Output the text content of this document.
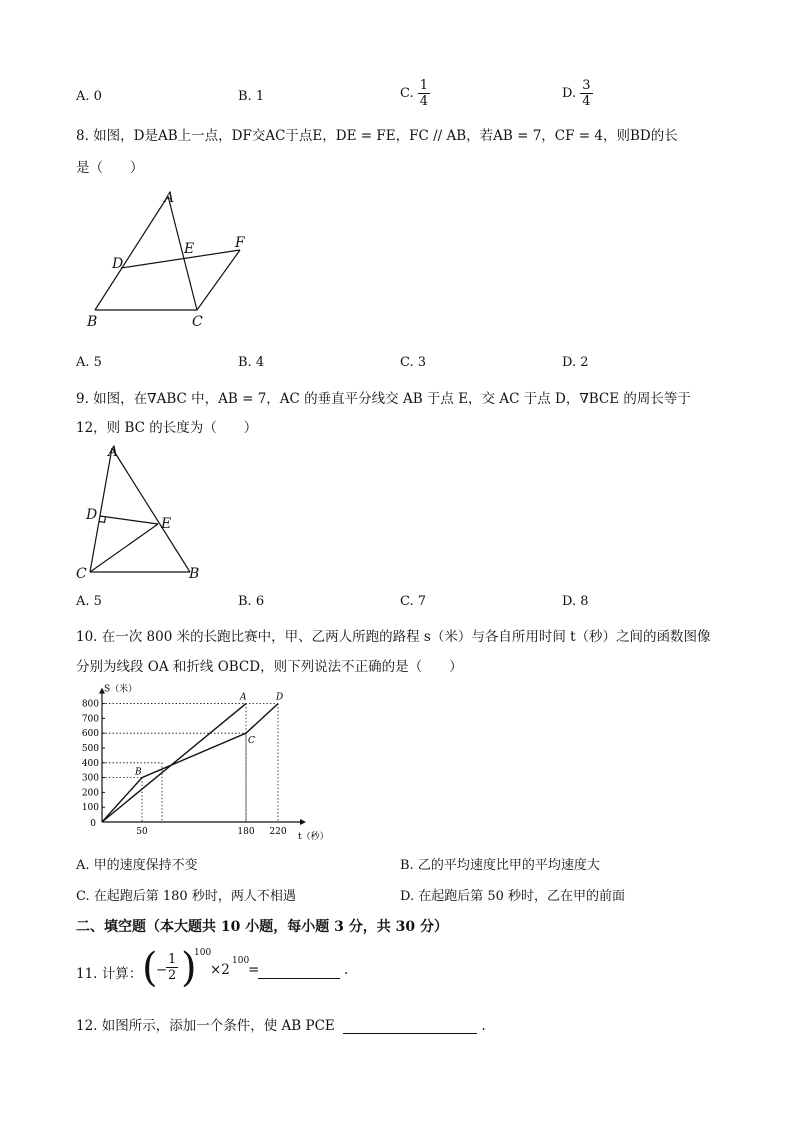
A. 0	B. 1	C. $\frac{1}{4}$	D. $\frac{3}{4}$
8. 如图，D是AB上一点，DF交AC于点E，DE = FE，FC // AB，若AB = 7，CF = 4，则BD的长
是（　　）
A
D
E	F
B	C
A. 5	B. 4	C. 3	D. 2
9. 如图，在∇ABC 中，AB = 7，AC 的垂直平分线交 AB 于点 E，交 AC 于点 D，∇BCE 的周长等于
12，则 BC 的长度为（　　）
A
D
E
C	B
A. 5	B. 6	C. 7	D. 8
10. 在一次 800 米的长跑比赛中，甲、乙两人所跑的路程 s（米）与各自所用时间 t（秒）之间的函数图像
分别为线段 OA 和折线 OBCD，则下列说法不正确的是（　　）
S（米）
t（秒）
100
200
300
400
500
600
700
800
0
50	180 220
A
B
C
D
A. 甲的速度保持不变	B. 乙的平均速度比甲的平均速度大
C. 在起跑后第 180 秒时，两人不相遇	D. 在起跑后第 50 秒时，乙在甲的前面
二、填空题（本大题共 10 小题，每小题 3 分，共 30 分）
11. 计算： (
−
$\frac{1}{2}$ )
100
×2
100
=	.
12. 如图所示，添加一个条件，使 AB PCE	.
